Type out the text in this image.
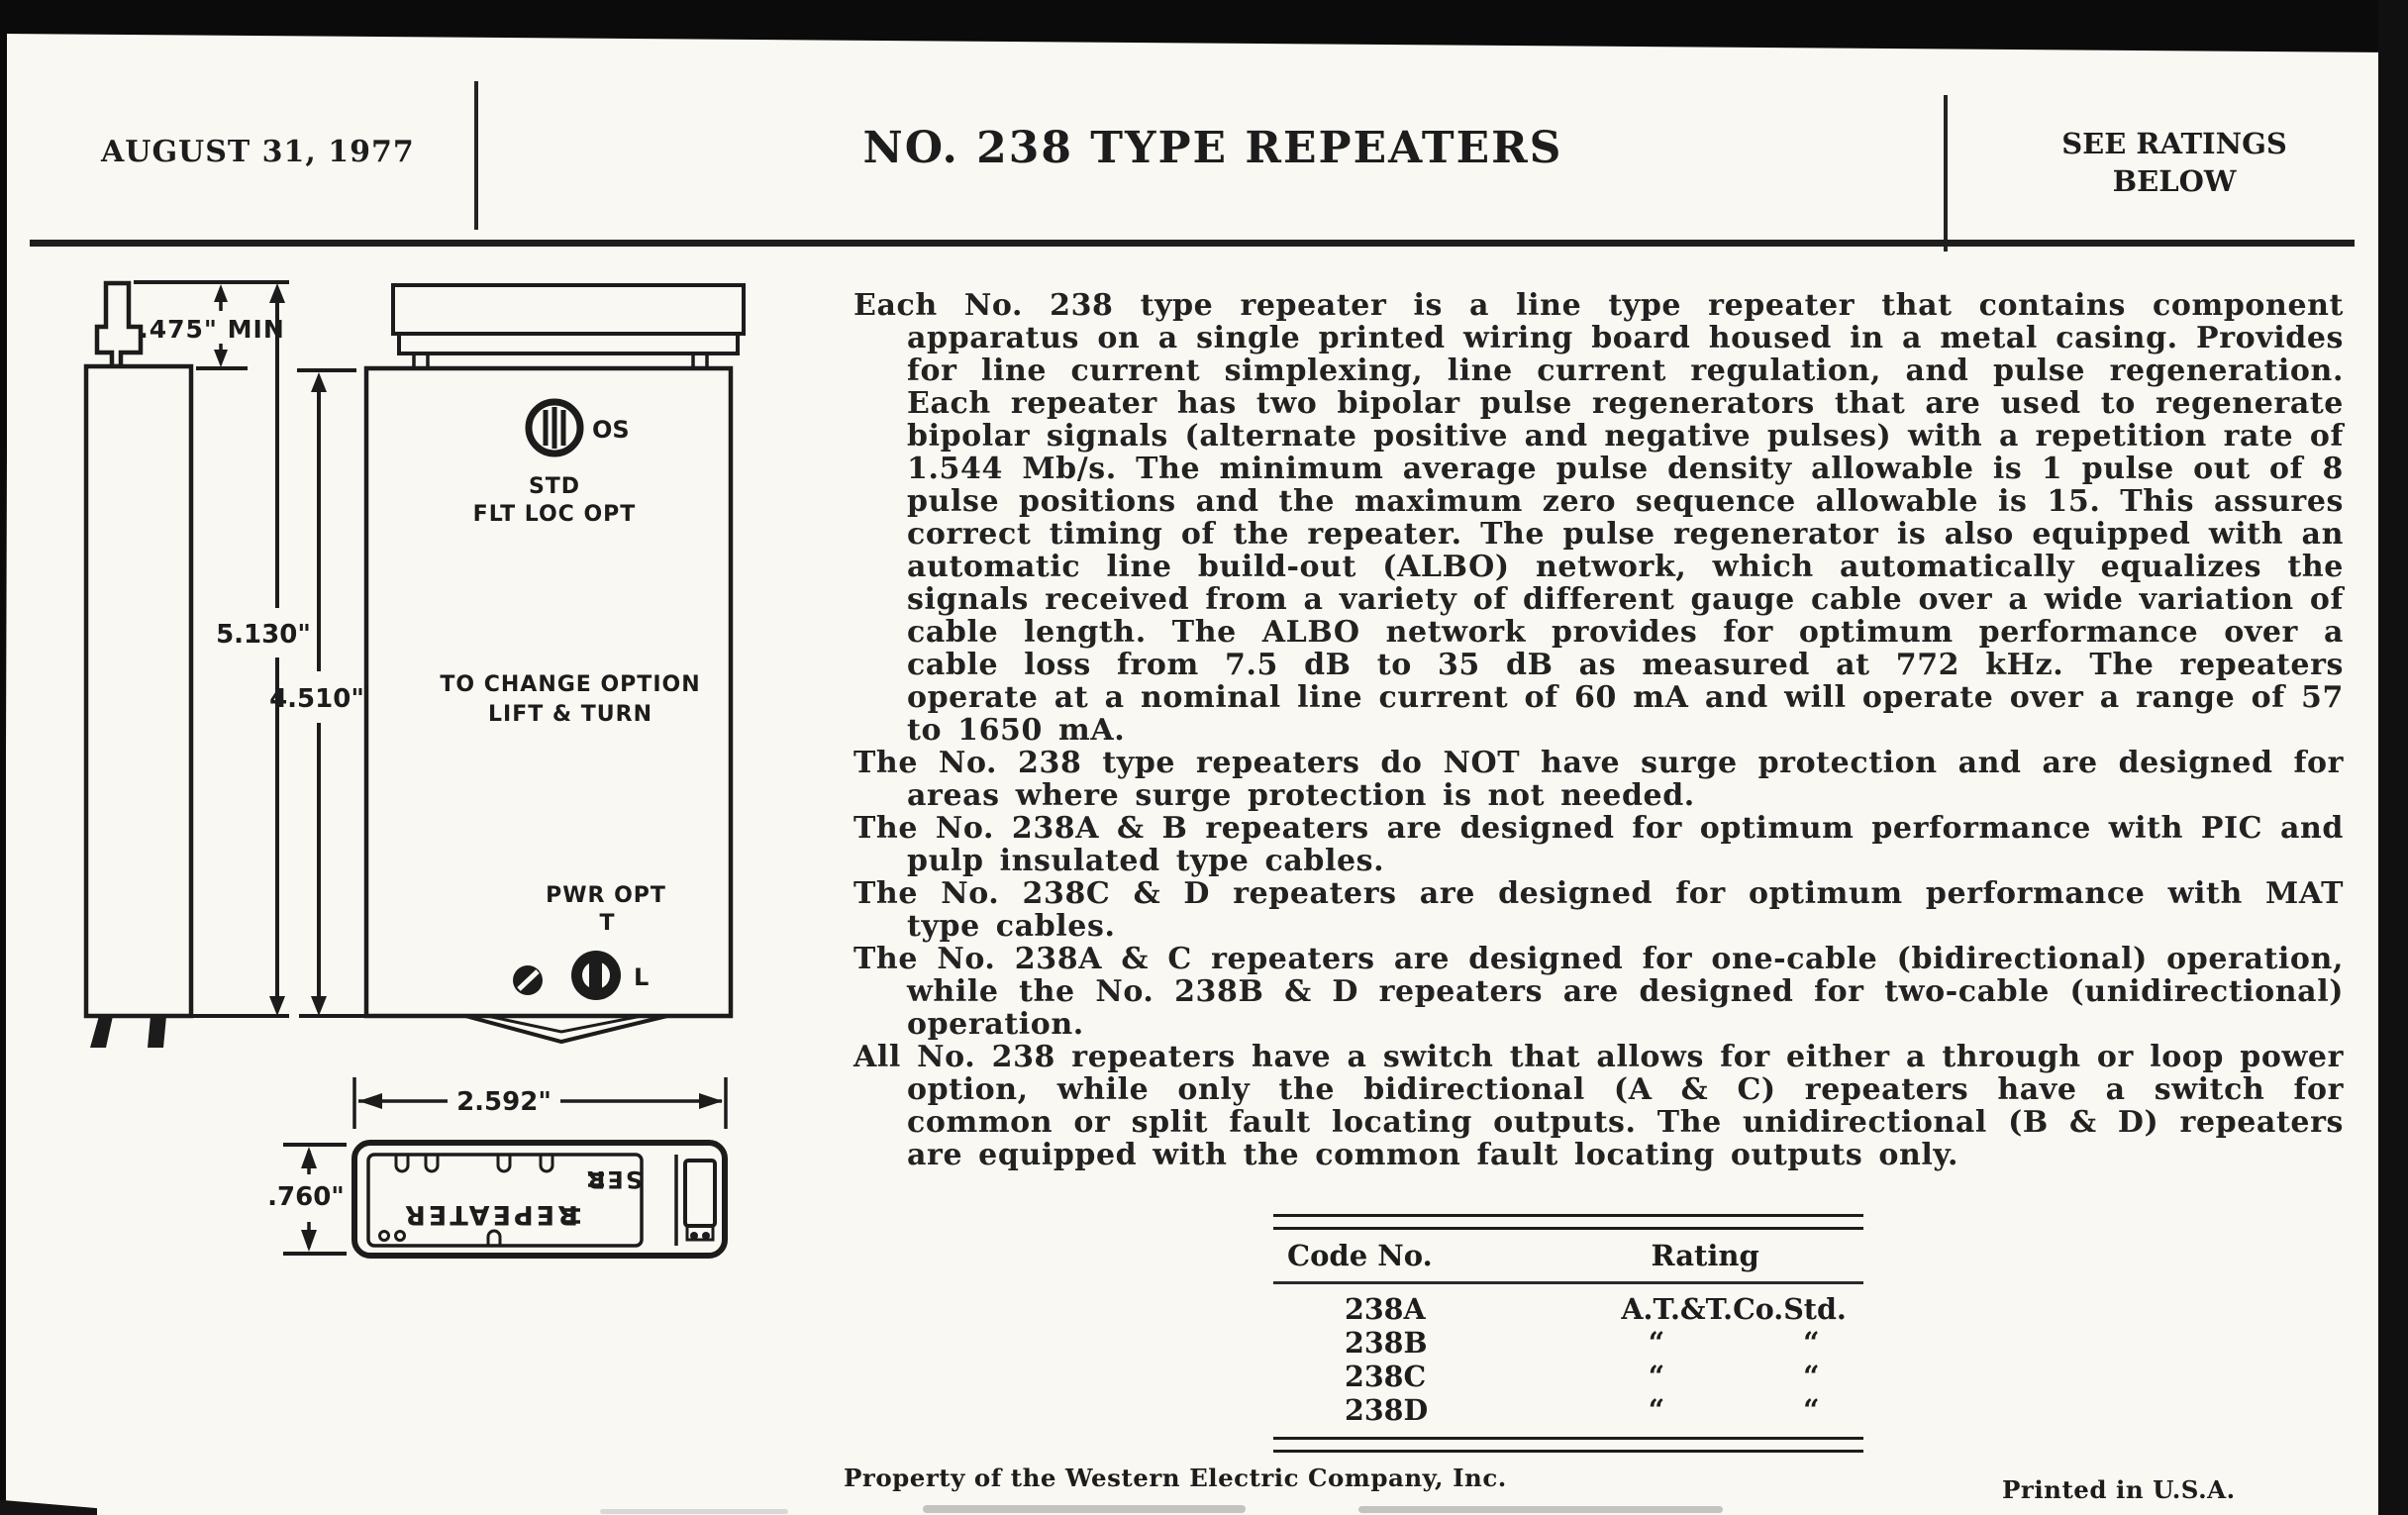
AUGUST 31, 1977	NO. 238 TYPE REPEATERS	SEE RATINGS
BELOW
.475" MIN
5.130"
4.510"
OS
STD
FLT LOC OPT
TO CHANGE OPTION
LIFT & TURN
PWR OPT
T
L
2.592"
.760"
REPEATER
SER

Each No. 238 type repeater is a line type repeater that contains component apparatus on a single printed wiring board housed in a metal casing. Provides for line current simplexing, line current regulation, and pulse regeneration. Each repeater has two bipolar pulse regenerators that are used to regenerate bipolar signals (alternate positive and negative pulses) with a repetition rate of 1.544 Mb/s. The minimum average pulse density allowable is 1 pulse out of 8 pulse positions and the maximum zero sequence allowable is 15. This assures correct timing of the repeater. The pulse regenerator is also equipped with an automatic line build-out (ALBO) network, which automatically equalizes the signals received from a variety of different gauge cable over a wide variation of cable length. The ALBO network provides for optimum performance over a cable loss from 7.5 dB to 35 dB as measured at 772 kHz. The repeaters operate at a nominal line current of 60 mA and will operate over a range of 57 to 1650 mA.

The No. 238 type repeaters do NOT have surge protection and are designed for areas where surge protection is not needed.

The No. 238A & B repeaters are designed for optimum performance with PIC and pulp insulated type cables.

The No. 238C & D repeaters are designed for optimum performance with MAT type cables.

The No. 238A & C repeaters are designed for one-cable (bidirectional) operation, while the No. 238B & D repeaters are designed for two-cable (unidirectional) operation.

All No. 238 repeaters have a switch that allows for either a through or loop power option, while only the bidirectional (A & C) repeaters have a switch for common or split fault locating outputs. The unidirectional (B & D) repeaters are equipped with the common fault locating outputs only.

Code No.	Rating
238A	A.T.&T.Co.Std.
238B	“	“
238C	“	“
238D	“	“
Property of the Western Electric Company, Inc.	Printed in U.S.A.
